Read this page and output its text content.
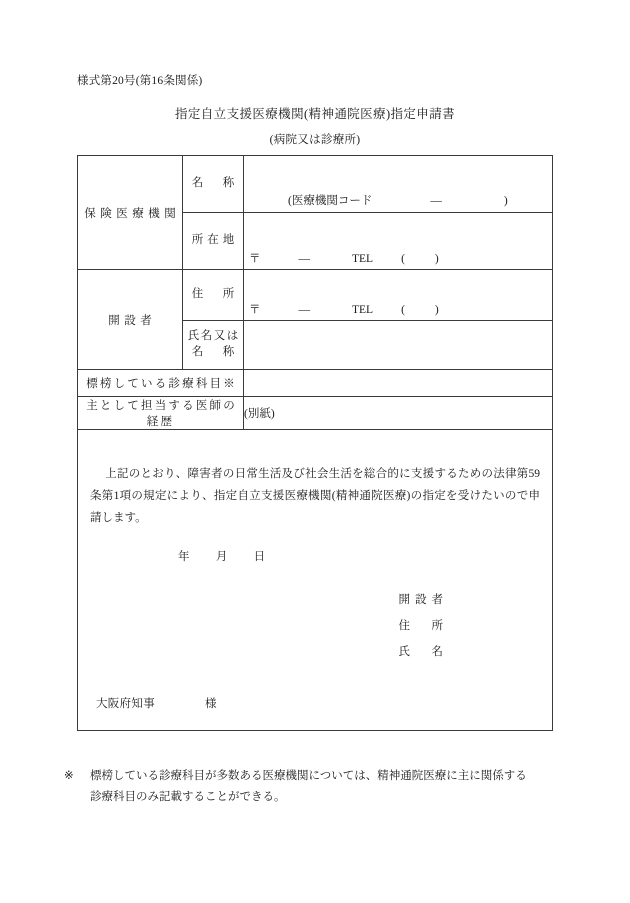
様式第20号(第16条関係)
指定自立支援医療機関(精神通院医療)指定申請書
(病院又は診療所)
保険医療機関	名　称	(医療機関コード — )

	所在地	〒 — TEL ( )

開設者	住　所	〒 — TEL ( )

	氏名又は
名　称	

標榜している診療科目※		
主として担当する医師の経歴		(別紙)

上記のとおり、障害者の日常生活及び社会生活を総合的に支援するための法律第59条第1項の規定により、指定自立支援医療機関(精神通院医療)の指定を受けたいので申請します。
年 月 日
開設者
住　所
氏　名
大阪府知事	様
※ 標榜している診療科目が多数ある医療機関については、精神通院医療に主に関係する
診療科目のみ記載することができる。
